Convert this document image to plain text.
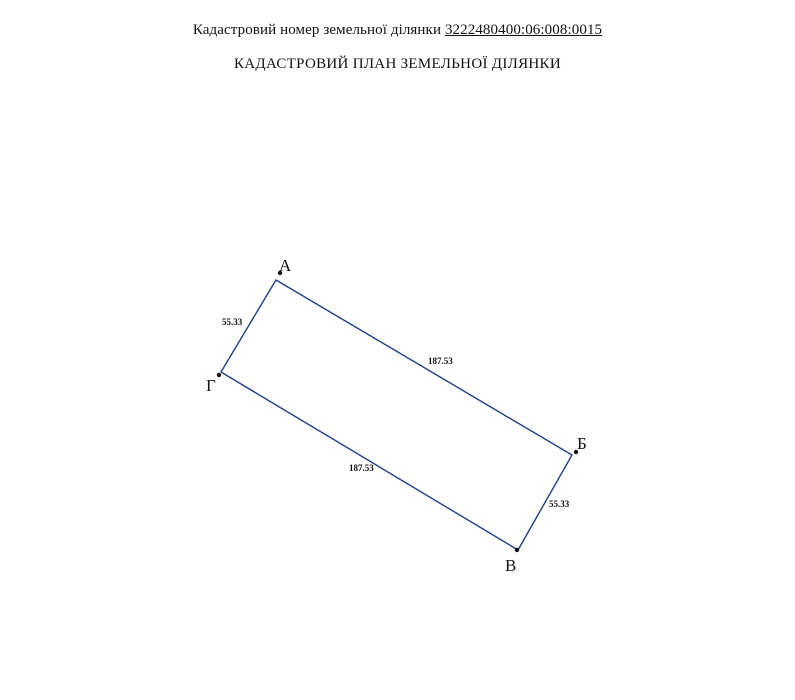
Кадастровий номер земельної ділянки 3222480400:06:008:0015
КАДАСТРОВИЙ ПЛАН ЗЕМЕЛЬНОЇ ДІЛЯНКИ
А
Б
В
Г
187.53
55.33
187.53
55.33
